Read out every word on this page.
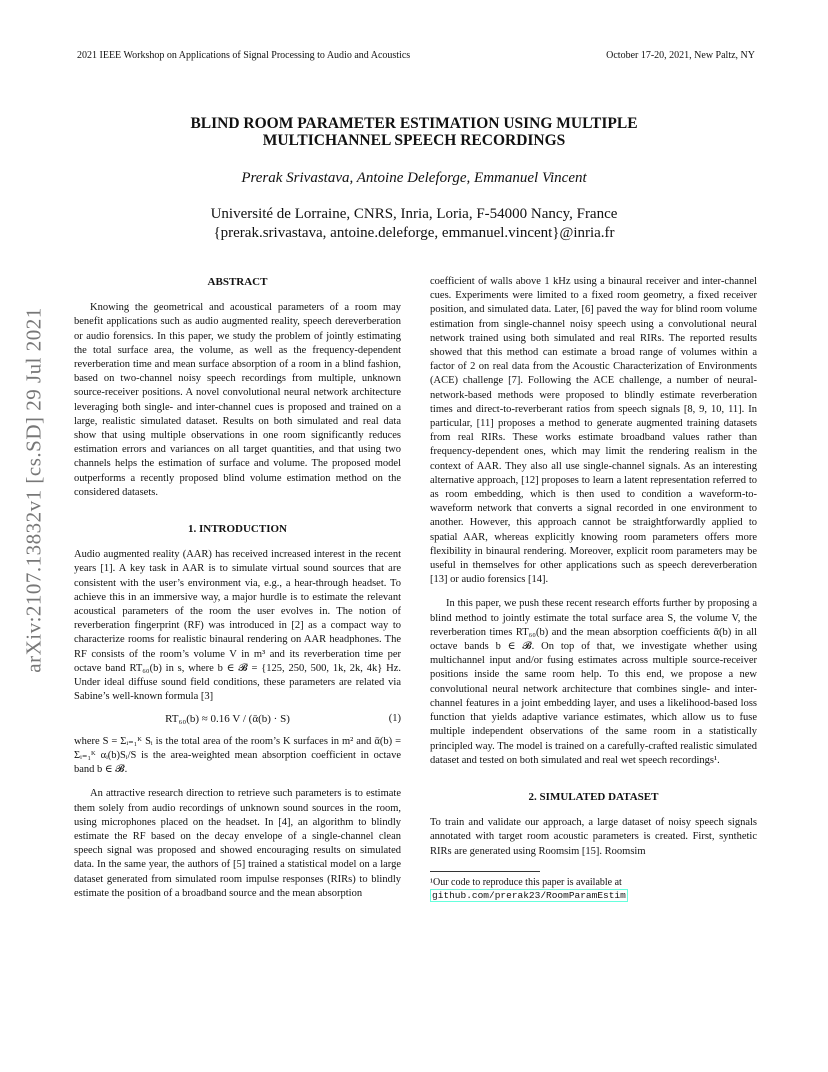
2021 IEEE Workshop on Applications of Signal Processing to Audio and Acoustics	October 17-20, 2021, New Paltz, NY
arXiv:2107.13832v1 [cs.SD] 29 Jul 2021
BLIND ROOM PARAMETER ESTIMATION USING MULTIPLE
MULTICHANNEL SPEECH RECORDINGS
Prerak Srivastava, Antoine Deleforge, Emmanuel Vincent
Université de Lorraine, CNRS, Inria, Loria, F-54000 Nancy, France
{prerak.srivastava, antoine.deleforge, emmanuel.vincent}@inria.fr
ABSTRACT

Knowing the geometrical and acoustical parameters of a room may benefit applications such as audio augmented reality, speech dereverberation or audio forensics. In this paper, we study the problem of jointly estimating the total surface area, the volume, as well as the frequency-dependent reverberation time and mean surface absorption of a room in a blind fashion, based on two-channel noisy speech recordings from multiple, unknown source-receiver positions. A novel convolutional neural network architecture leveraging both single- and inter-channel cues is proposed and trained on a large, realistic simulated dataset. Results on both simulated and real data show that using multiple observations in one room significantly reduces estimation errors and variances on all target quantities, and that using two channels helps the estimation of surface and volume. The proposed model outperforms a recently proposed blind volume estimation method on the considered datasets.

1. INTRODUCTION

Audio augmented reality (AAR) has received increased interest in the recent years [1]. A key task in AAR is to simulate virtual sound sources that are consistent with the user’s environment via, e.g., a hear-through headset. To achieve this in an immersive way, a major hurdle is to estimate the relevant acoustical parameters of the room the user evolves in. The notion of reverberation fingerprint (RF) was introduced in [2] as a compact way to characterize rooms for realistic binaural rendering on AAR headphones. The RF consists of the room’s volume V in m³ and its reverberation time per octave band RT₆₀(b) in s, where b ∈ 𝓑 = {125, 250, 500, 1k, 2k, 4k} Hz. Under ideal diffuse sound field conditions, these parameters are related via Sabine’s well-known formula [3]

RT₆₀(b) ≈ 0.16 V / (ᾱ(b) · S)	(1)

where S = Σᵢ₌₁ᴷ Sᵢ is the total area of the room’s K surfaces in m² and ᾱ(b) = Σᵢ₌₁ᴷ αᵢ(b)Sᵢ/S is the area-weighted mean absorption coefficient in octave band b ∈ 𝓑.

An attractive research direction to retrieve such parameters is to estimate them solely from audio recordings of unknown sound sources in the room, using microphones placed on the headset. In [4], an algorithm to blindly estimate the RF based on the decay envelope of a single-channel clean speech signal was proposed and showed encouraging results on simulated data. In the same year, the authors of [5] trained a statistical model on a large dataset generated from simulated room impulse responses (RIRs) to blindly estimate the position of a broadband source and the mean absorption

coefficient of walls above 1 kHz using a binaural receiver and inter-channel cues. Experiments were limited to a fixed room geometry, a fixed receiver position, and simulated data. Later, [6] paved the way for blind room volume estimation from single-channel noisy speech using a convolutional neural network trained using both simulated and real RIRs. The reported results showed that this method can estimate a broad range of volumes within a factor of 2 on real data from the Acoustic Characterization of Environments (ACE) challenge [7]. Following the ACE challenge, a number of neural-network-based methods were proposed to blindly estimate reverberation times and direct-to-reverberant ratios from speech signals [8, 9, 10, 11]. In particular, [11] proposes a method to generate augmented training datasets from real RIRs. These works estimate broadband values rather than frequency-dependent ones, which may limit the rendering realism in the context of AAR. They also all use single-channel signals. As an interesting alternative approach, [12] proposes to learn a latent representation referred to as room embedding, which is then used to condition a waveform-to-waveform network that converts a signal recorded in one environment to another. However, this approach cannot be straightforwardly applied to spatial AAR, whereas explicitly knowing room parameters offers more flexibility in binaural rendering. Moreover, explicit room parameters may be useful in themselves for other applications such as speech dereverberation [13] or audio forensics [14].

In this paper, we push these recent research efforts further by proposing a blind method to jointly estimate the total surface area S, the volume V, the reverberation times RT₆₀(b) and the mean absorption coefficients ᾱ(b) in all octave bands b ∈ 𝓑. On top of that, we investigate whether using multichannel input and/or fusing estimates across multiple source-receiver positions inside the same room help. To this end, we propose a new convolutional neural network architecture that combines single- and inter-channel features in a joint embedding layer, and uses a likelihood-based loss function that yields adaptive variance estimates, which allow us to fuse multiple independent observations of the same room in a statistically principled way. The model is trained on a carefully-crafted realistic simulated dataset and tested on both simulated and real wet speech recordings¹.

2. SIMULATED DATASET

To train and validate our approach, a large dataset of noisy speech signals annotated with target room acoustic parameters is created. First, synthetic RIRs are generated using Roomsim [15]. Roomsim

¹Our code to reproduce this paper is available at github.com/prerak23/RoomParamEstim
